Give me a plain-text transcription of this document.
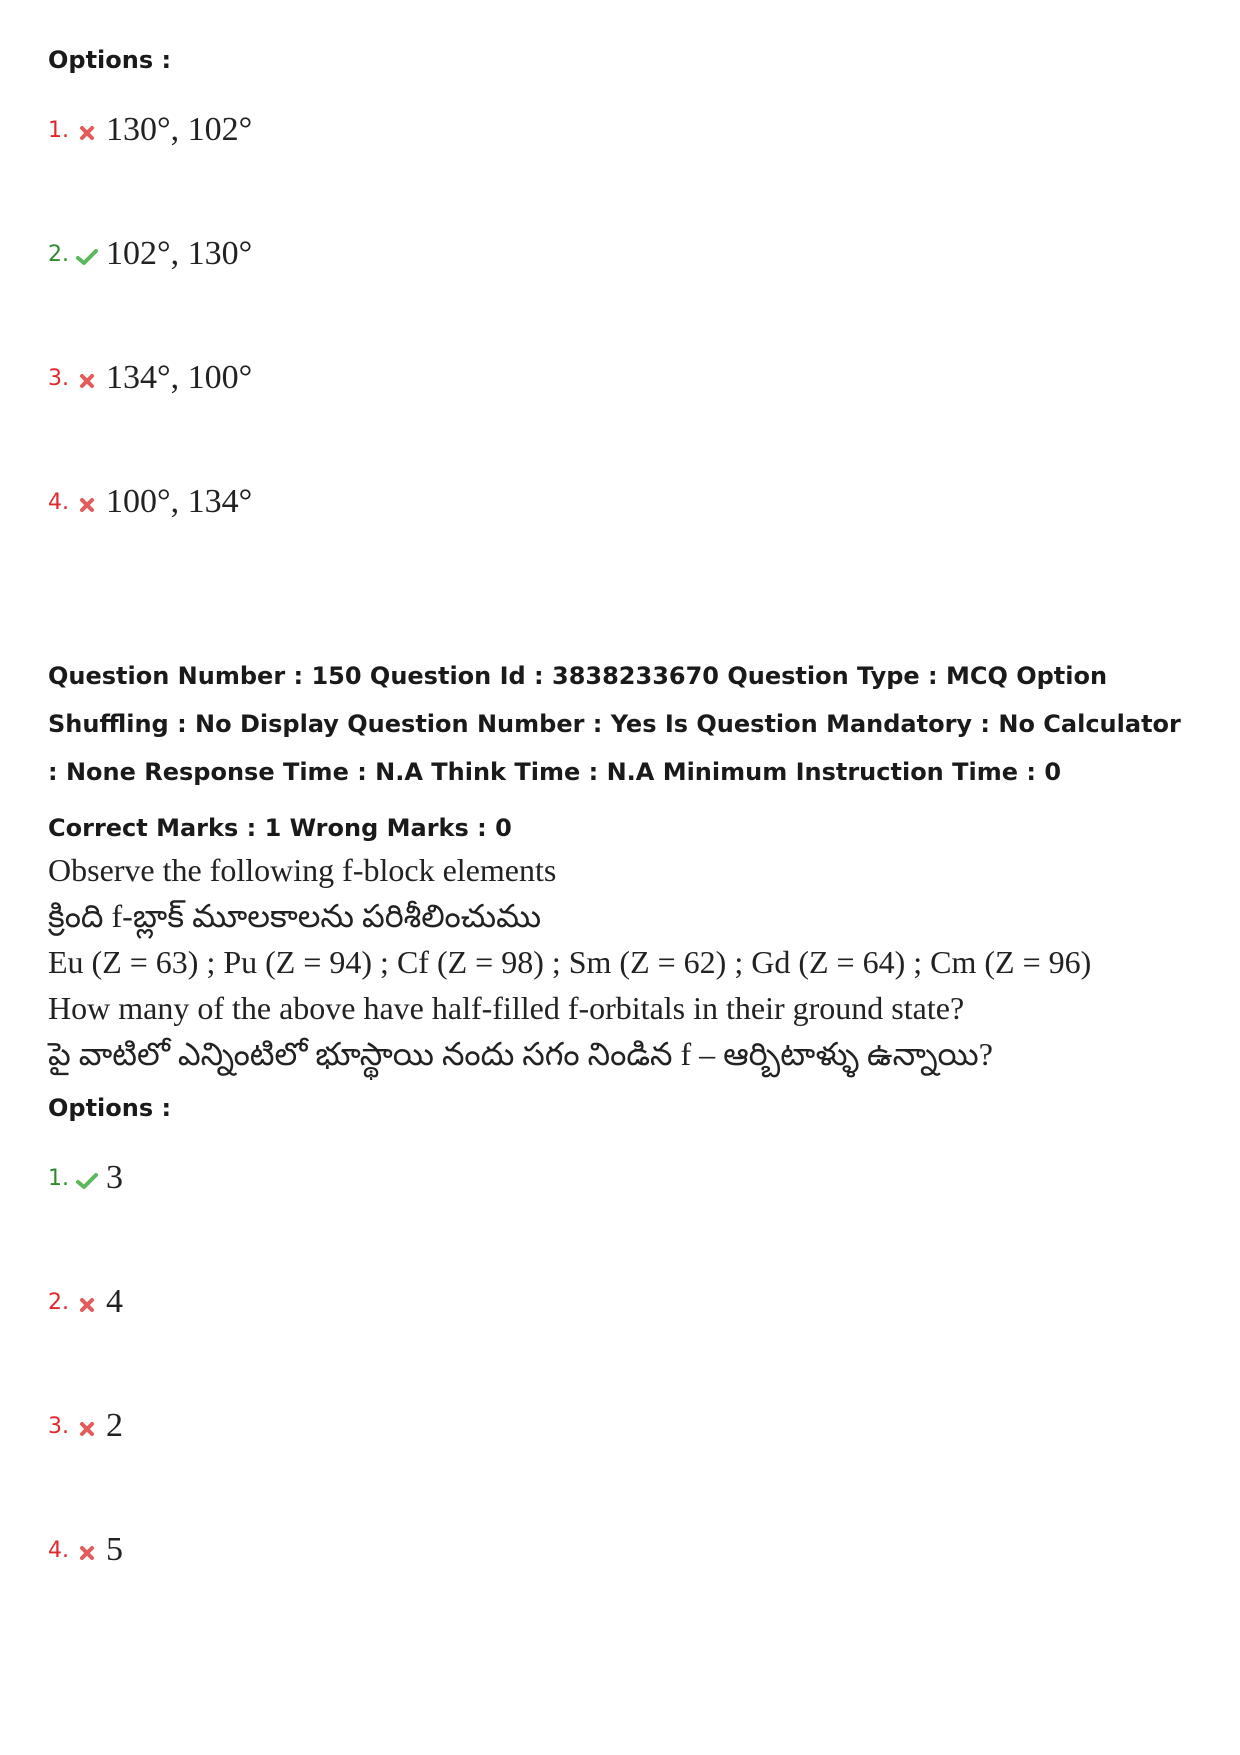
Options :
1. 130°, 102°
2. 102°, 130°
3. 134°, 100°
4. 100°, 134°
Question Number : 150 Question Id : 3838233670 Question Type : MCQ Option Shuffling : No Display Question Number : Yes Is Question Mandatory : No Calculator : None Response Time : N.A Think Time : N.A Minimum Instruction Time : 0
Correct Marks : 1 Wrong Marks : 0
Observe the following f-block elements
క్రింది f-బ్లాక్ మూలకాలను పరిశీలించుము
Eu (Z = 63) ; Pu (Z = 94) ; Cf (Z = 98) ; Sm (Z = 62) ; Gd (Z = 64) ; Cm (Z = 96)
How many of the above have half-filled f-orbitals in their ground state?
పై వాటిలో ఎన్నింటిలో భూస్థాయి నందు సగం నిండిన f – ఆర్బిటాళ్ళు ఉన్నాయి?
Options :
1. 3
2. 4
3. 2
4. 5
